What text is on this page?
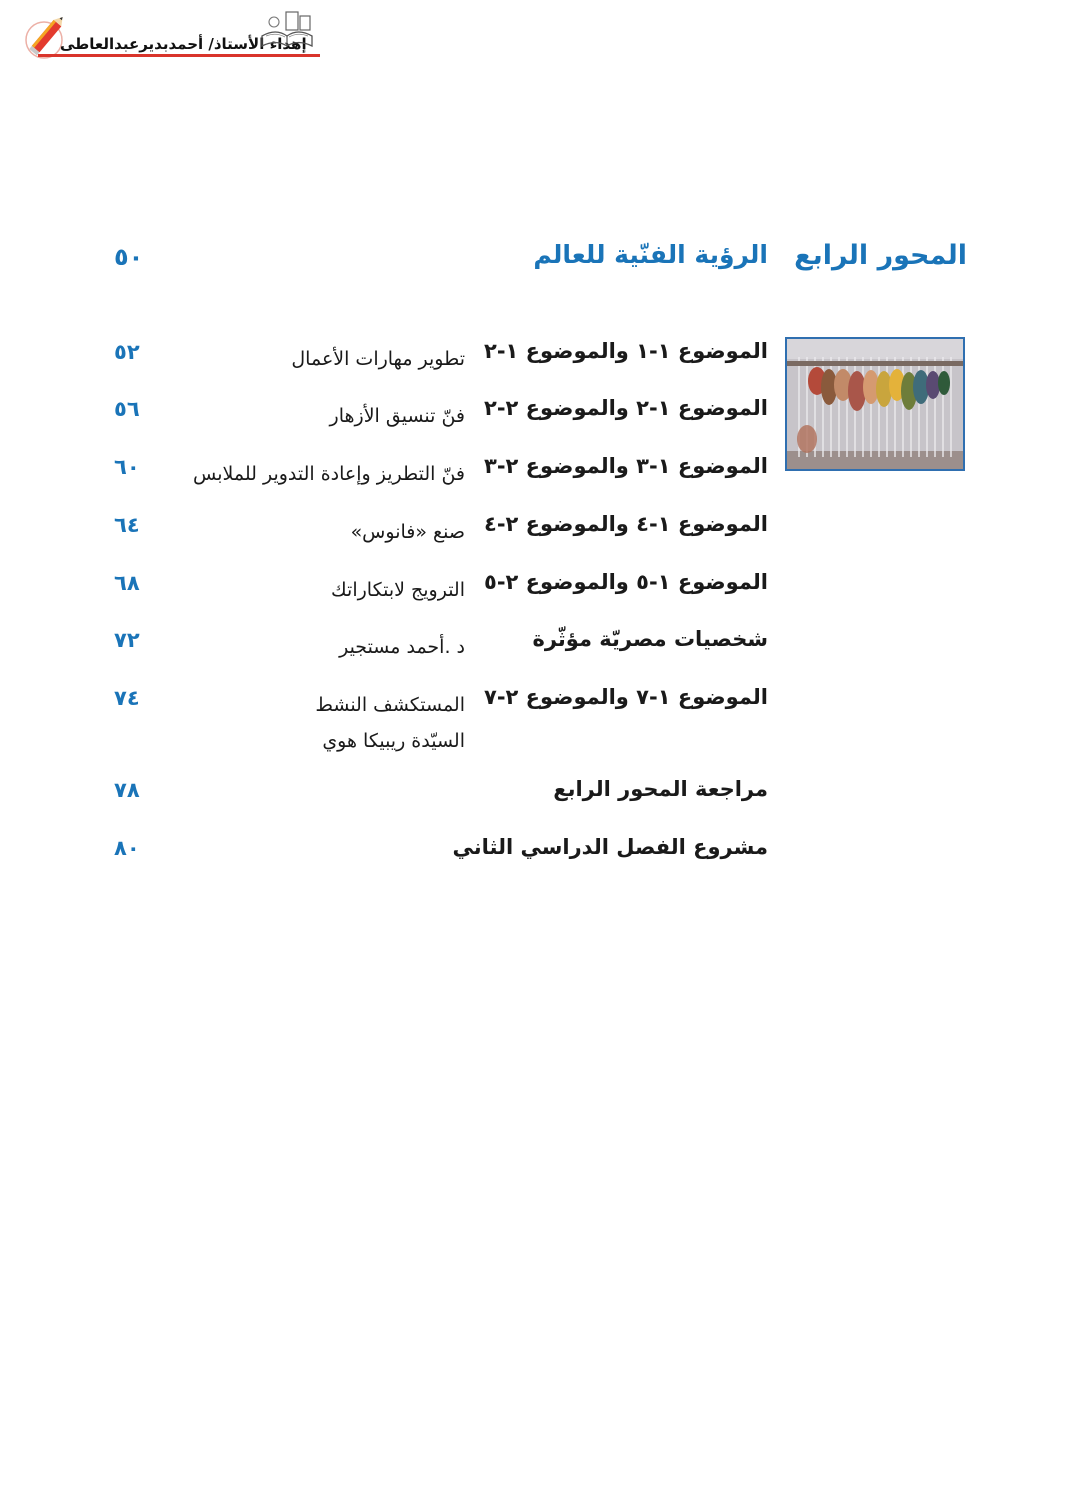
إهداء الأستاذ/ أحمدبديرعبدالعاطى
المحور الرابع
الرؤية الفنّية للعالم
٥٠
الموضوع ١-١ والموضوع ١-٢
تطوير مهارات الأعمال
٥٢
الموضوع ١-٢ والموضوع ٢-٢
فنّ تنسيق الأزهار
٥٦
الموضوع ١-٣ والموضوع ٢-٣
فنّ التطريز وإعادة التدوير للملابس
٦٠
الموضوع ١-٤ والموضوع ٢-٤
صنع «فانوس»
٦٤
الموضوع ١-٥ والموضوع ٢-٥
الترويج لابتكاراتك
٦٨
شخصيات مصريّة مؤثّرة
د .أحمد مستجير
٧٢
الموضوع ١-٧ والموضوع ٢-٧
المستكشف النشط السيّدة ريبيكا هوي
٧٤
مراجعة المحور الرابع
٧٨
مشروع الفصل الدراسي الثاني
٨٠
